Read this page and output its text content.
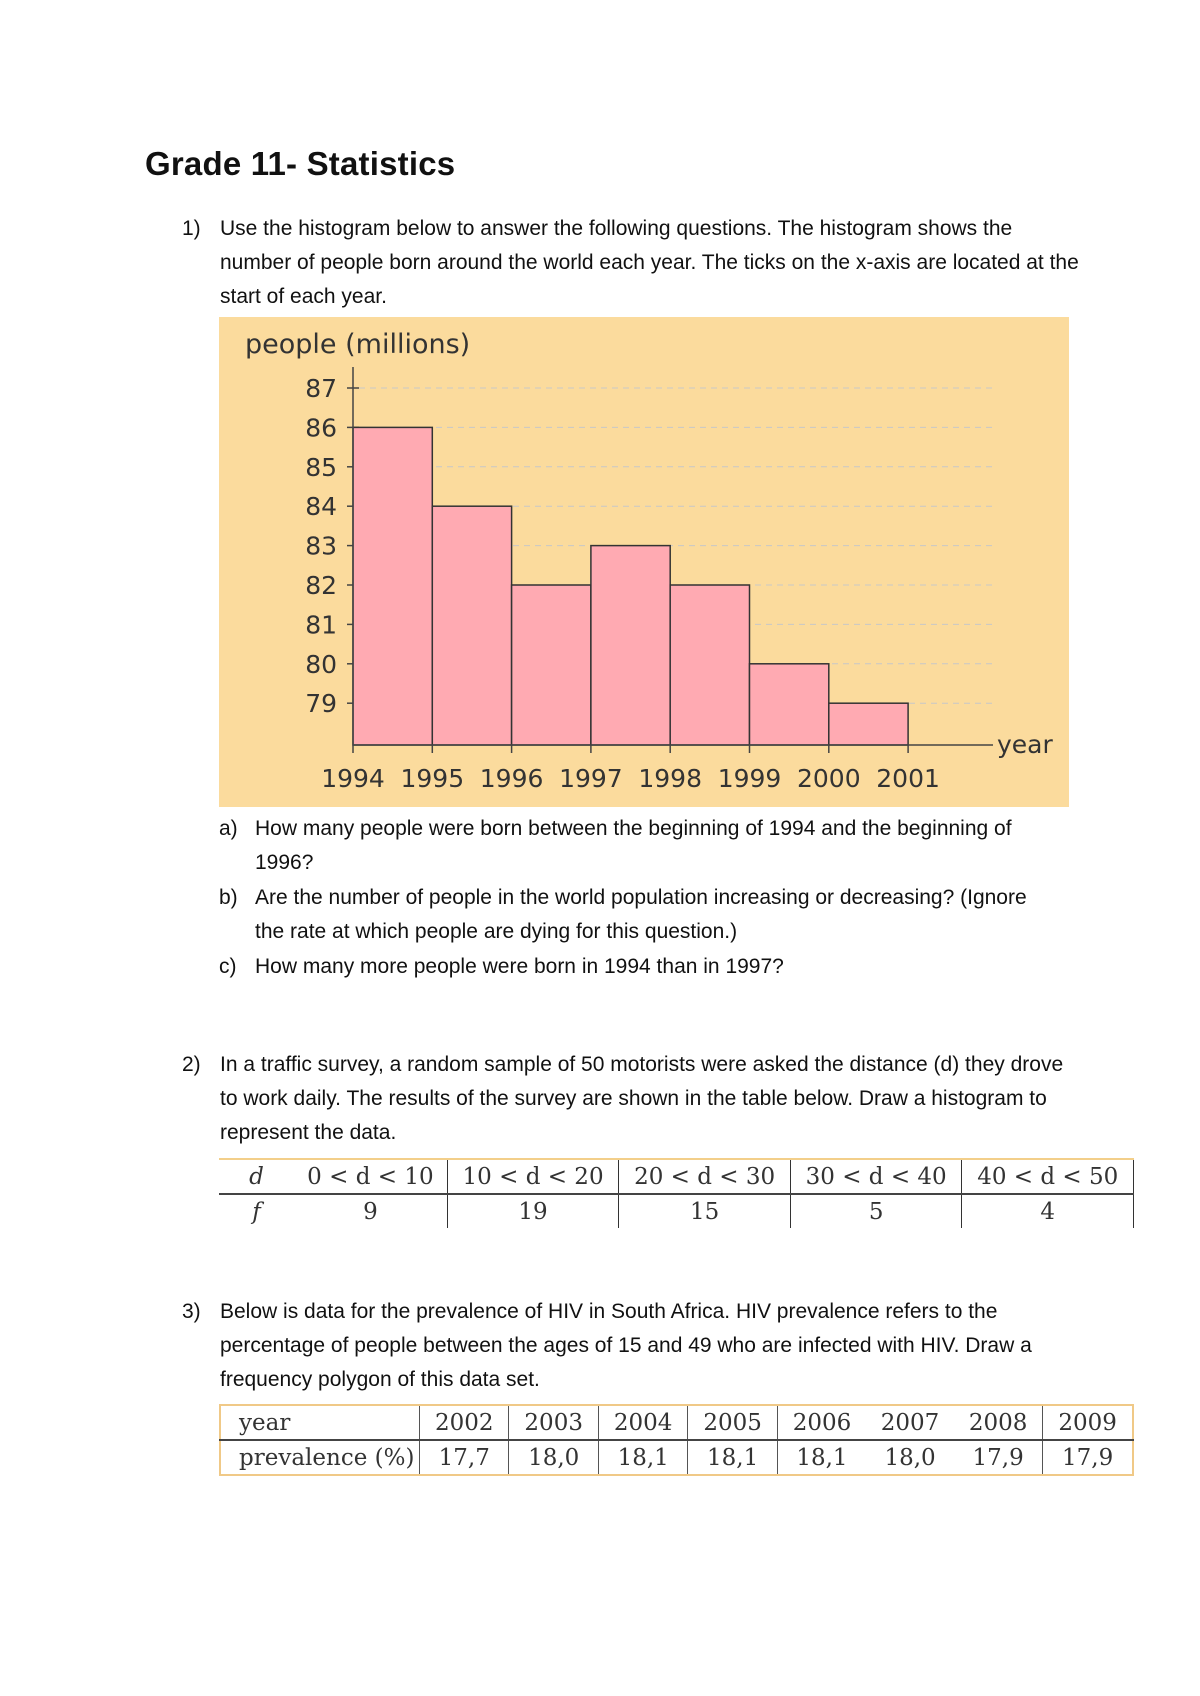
Grade 11- Statistics
1) Use the histogram below to answer the following questions. The histogram shows the number of people born around the world each year. The ticks on the x-axis are located at the start of each year.
79
80
81
82
83
84
85
86
87
1994 1995 1996 1997 1998 1999 2000 2001
people (millions)
year
a) How many people were born between the beginning of 1994 and the beginning of 1996?
b) Are the number of people in the world population increasing or decreasing? (Ignore the rate at which people are dying for this question.)
c) How many more people were born in 1994 than in 1997?
2) In a traffic survey, a random sample of 50 motorists were asked the distance (d) they drove to work daily. The results of the survey are shown in the table below. Draw a histogram to represent the data.
d	0 < d < 10	10 < d < 20	20 < d < 30	30 < d < 40	40 < d < 50
f	9	19	15	5	4
3) Below is data for the prevalence of HIV in South Africa. HIV prevalence refers to the percentage of people between the ages of 15 and 49 who are infected with HIV. Draw a frequency polygon of this data set.
year	2002	2003	2004	2005	2006	2007	2008	2009
prevalence (%)	17,7	18,0	18,1	18,1	18,1	18,0	17,9	17,9
